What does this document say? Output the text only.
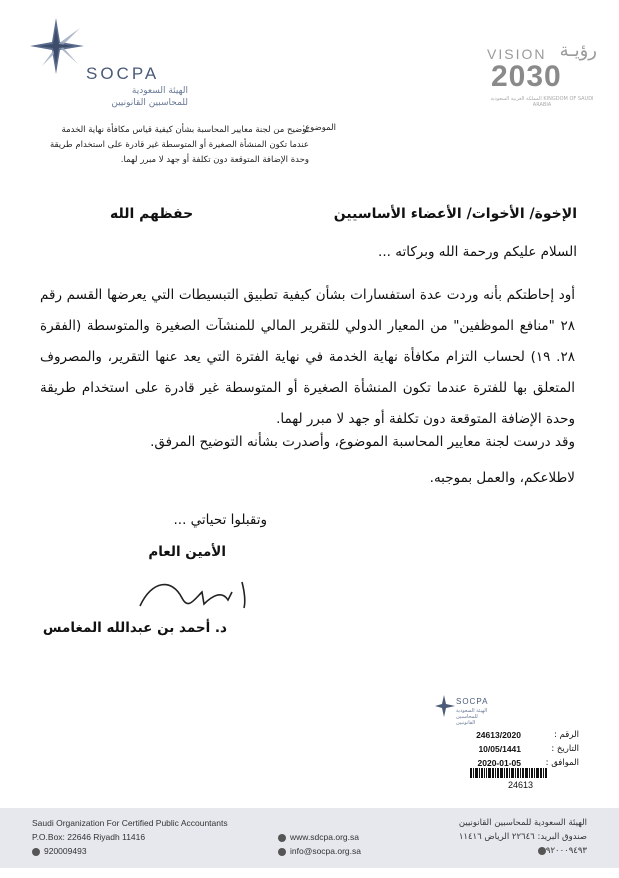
SOCPA
الهيئة السعودية
للمحاسبين القانونيين
VISION رؤيـة
2030
المملكة العربية السعودية KINGDOM OF SAUDI ARABIA
الموضوع:
توضيح من لجنة معايير المحاسبة بشأن كيفية قياس مكافأة نهاية الخدمة عندما تكون المنشأة الصغيرة أو المتوسطة غير قادرة على استخدام طريقة وحدة الإضافة المتوقعة دون تكلفة أو جهد لا مبرر لهما.
حفظهم الله	الإخوة/ الأخوات/ الأعضاء الأساسيين
السلام عليكم ورحمة الله وبركاته ...
أود إحاطتكم بأنه وردت عدة استفسارات بشأن كيفية تطبيق التبسيطات التي يعرضها القسم رقم ٢٨ "منافع الموظفين" من المعيار الدولي للتقرير المالي للمنشآت الصغيرة والمتوسطة (الفقرة ٢٨. ١٩) لحساب التزام مكافأة نهاية الخدمة في نهاية الفترة التي يعد عنها التقرير، والمصروف المتعلق بها للفترة عندما تكون المنشأة الصغيرة أو المتوسطة غير قادرة على استخدام طريقة وحدة الإضافة المتوقعة دون تكلفة أو جهد لا مبرر لهما.
وقد درست لجنة معايير المحاسبة الموضوع، وأصدرت بشأنه التوضيح المرفق.
لاطلاعكم، والعمل بموجبه.
وتقبلوا تحياتي ...
الأمين العام
د. أحمد بن عبدالله المغامس
SOCPA
الهيئة السعودية للمحاسبين القانونيين
الرقم :
24613/2020
التاريخ :
10/05/1441
الموافق :
2020-01-05
24613
Saudi Organization For Certified Public Accountants
P.O.Box: 22646 Riyadh 11416
920009493
www.sdcpa.org.sa
info@socpa.org.sa
الهيئة السعودية للمحاسبين القانونيين
صندوق البريد: ٢٢٦٤٦ الرياض ١١٤١٦
٩٢٠٠٠٩٤٩٣
